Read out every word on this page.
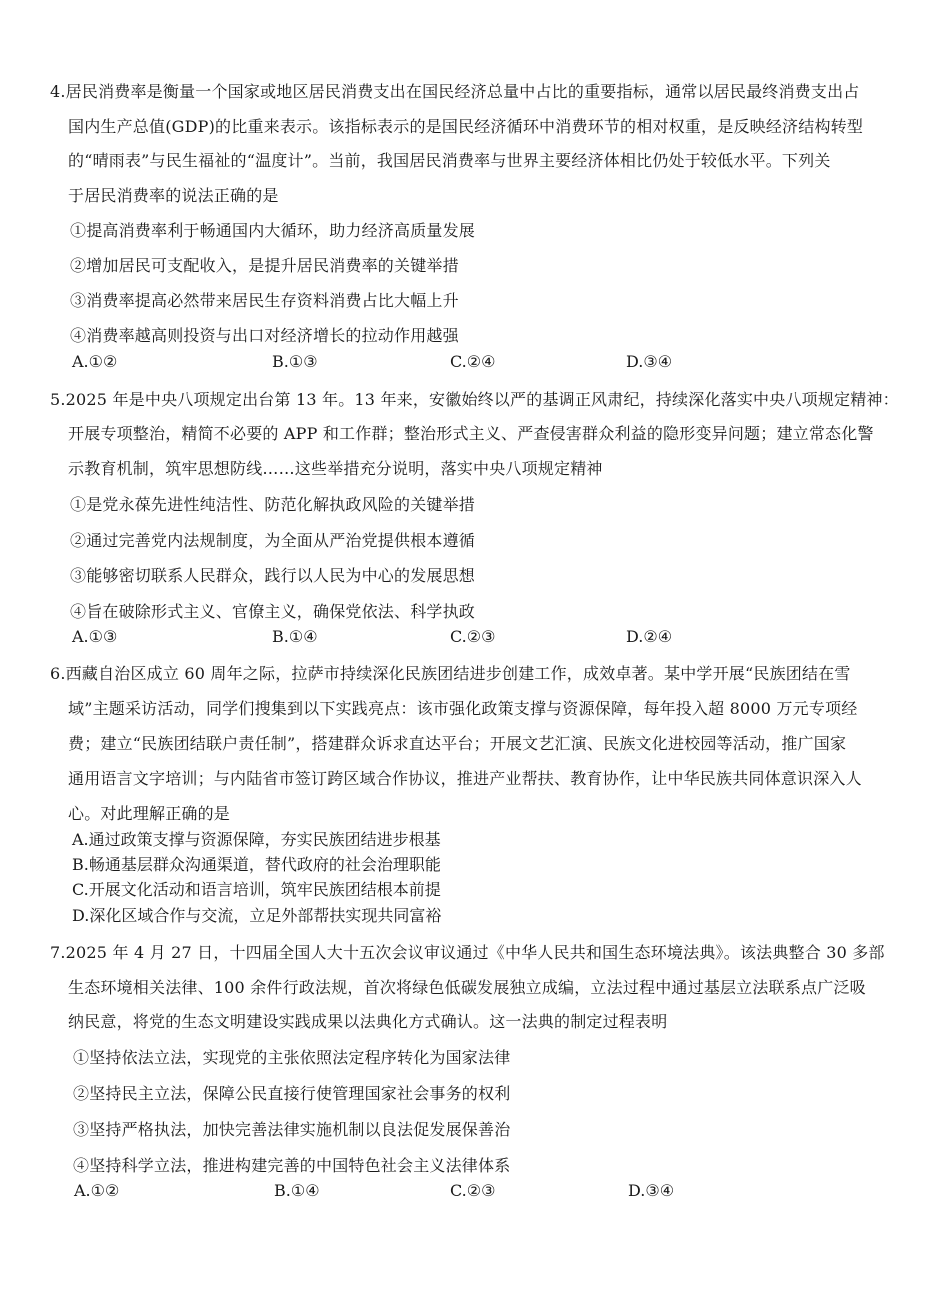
4.居民消费率是衡量一个国家或地区居民消费支出在国民经济总量中占比的重要指标，通常以居民最终消费支出占
国内生产总值(GDP)的比重来表示。该指标表示的是国民经济循环中消费环节的相对权重，是反映经济结构转型
的“晴雨表”与民生福祉的“温度计”。当前，我国居民消费率与世界主要经济体相比仍处于较低水平。下列关
于居民消费率的说法正确的是
①提高消费率利于畅通国内大循环，助力经济高质量发展
②增加居民可支配收入，是提升居民消费率的关键举措
③消费率提高必然带来居民生存资料消费占比大幅上升
④消费率越高则投资与出口对经济增长的拉动作用越强
A.①②	B.①③	C.②④	D.③④
5.2025 年是中央八项规定出台第 13 年。13 年来，安徽始终以严的基调正风肃纪，持续深化落实中央八项规定精神：
开展专项整治，精简不必要的 APP 和工作群；整治形式主义、严查侵害群众利益的隐形变异问题；建立常态化警
示教育机制，筑牢思想防线……这些举措充分说明，落实中央八项规定精神
①是党永葆先进性纯洁性、防范化解执政风险的关键举措
②通过完善党内法规制度，为全面从严治党提供根本遵循
③能够密切联系人民群众，践行以人民为中心的发展思想
④旨在破除形式主义、官僚主义，确保党依法、科学执政
A.①③	B.①④	C.②③	D.②④
6.西藏自治区成立 60 周年之际，拉萨市持续深化民族团结进步创建工作，成效卓著。某中学开展“民族团结在雪
域”主题采访活动，同学们搜集到以下实践亮点：该市强化政策支撑与资源保障，每年投入超 8000 万元专项经
费；建立“民族团结联户责任制”，搭建群众诉求直达平台；开展文艺汇演、民族文化进校园等活动，推广国家
通用语言文字培训；与内陆省市签订跨区域合作协议，推进产业帮扶、教育协作，让中华民族共同体意识深入人
心。对此理解正确的是
A.通过政策支撑与资源保障，夯实民族团结进步根基
B.畅通基层群众沟通渠道，替代政府的社会治理职能
C.开展文化活动和语言培训，筑牢民族团结根本前提
D.深化区域合作与交流，立足外部帮扶实现共同富裕
7.2025 年 4 月 27 日，十四届全国人大十五次会议审议通过《中华人民共和国生态环境法典》。该法典整合 30 多部
生态环境相关法律、100 余件行政法规，首次将绿色低碳发展独立成编，立法过程中通过基层立法联系点广泛吸
纳民意，将党的生态文明建设实践成果以法典化方式确认。这一法典的制定过程表明
①坚持依法立法，实现党的主张依照法定程序转化为国家法律
②坚持民主立法，保障公民直接行使管理国家社会事务的权利
③坚持严格执法，加快完善法律实施机制以良法促发展保善治
④坚持科学立法，推进构建完善的中国特色社会主义法律体系
A.①②	B.①④	C.②③	D.③④
